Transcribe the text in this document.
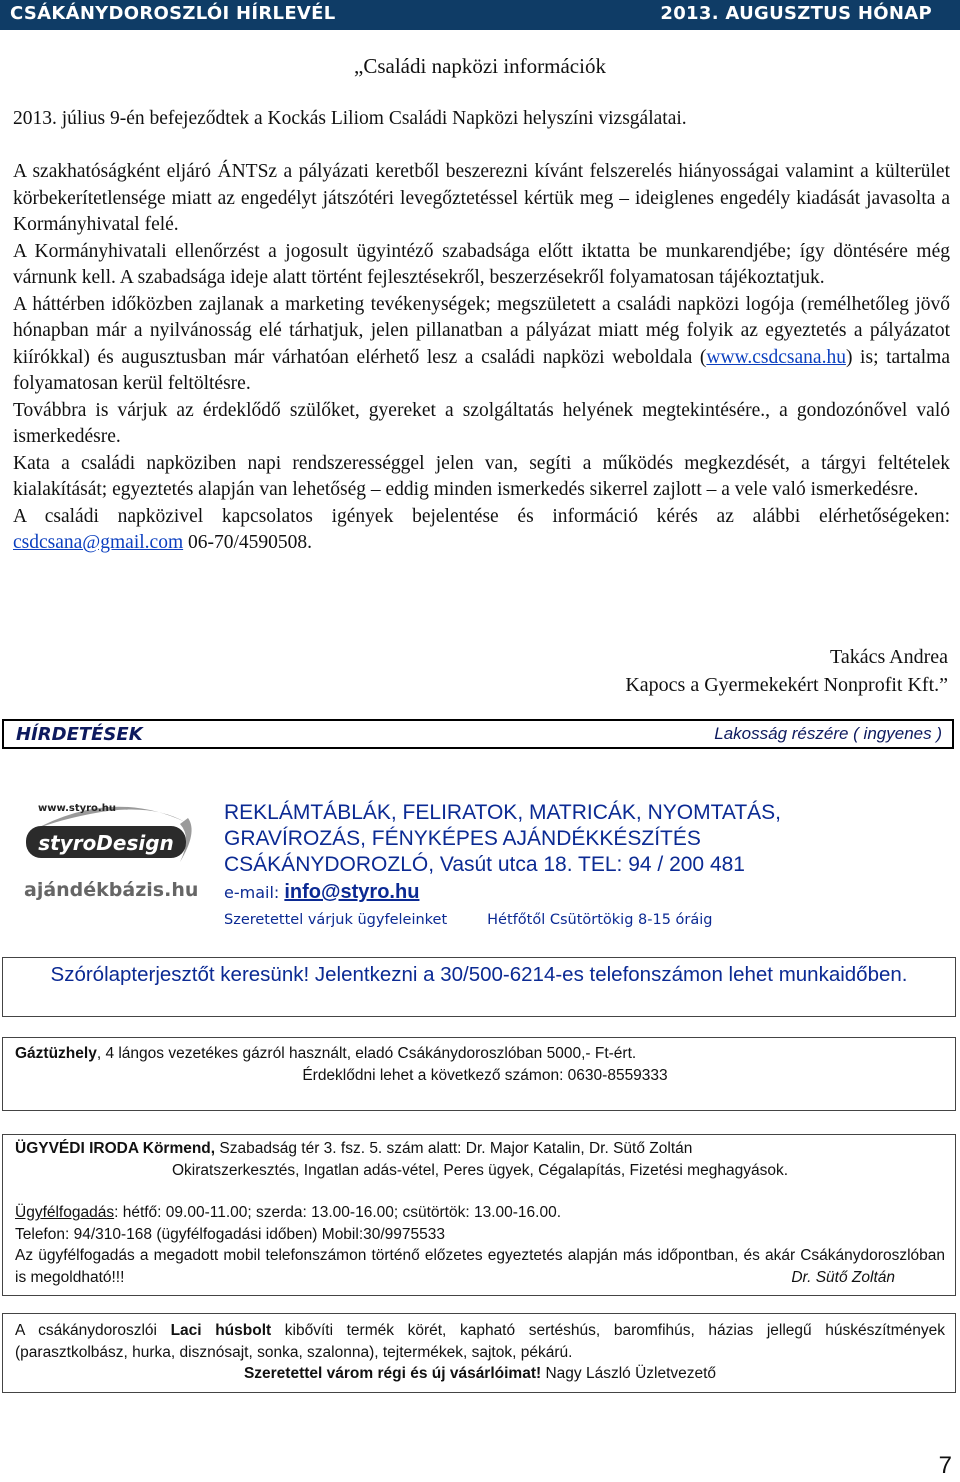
CSÁKÁNYDOROSZLÓI HÍRLEVÉL	2013. AUGUSZTUS HÓNAP
„Családi napközi információk

2013. július 9-én befejeződtek a Kockás Liliom Családi Napközi helyszíni vizsgálatai.

A szakhatóságként eljáró ÁNTSz a pályázati keretből beszerezni kívánt felszerelés hiányosságai valamint a külterület körbekerítetlensége miatt az engedélyt játszótéri levegőztetéssel kértük meg – ideiglenes engedély kiadását javasolta a Kormányhivatal felé.

A Kormányhivatali ellenőrzést a jogosult ügyintéző szabadsága előtt iktatta be munkarendjébe; így döntésére még várnunk kell. A szabadsága ideje alatt történt fejlesztésekről, beszerzésekről folyamatosan tájékoztatjuk.

A háttérben időközben zajlanak a marketing tevékenységek; megszületett a családi napközi logója (remélhetőleg jövő hónapban már a nyilvánosság elé tárhatjuk, jelen pillanatban a pályázat miatt még folyik az egyeztetés a pályázatot kiírókkal) és augusztusban már várhatóan elérhető lesz a családi napközi weboldala (www.csdcsana.hu) is; tartalma folyamatosan kerül feltöltésre.

Továbbra is várjuk az érdeklődő szülőket, gyereket a szolgáltatás helyének megtekintésére., a gondozónővel való ismerkedésre.

Kata a családi napköziben napi rendszerességgel jelen van, segíti a működés megkezdését, a tárgyi feltételek kialakítását; egyeztetés alapján van lehetőség – eddig minden ismerkedés sikerrel zajlott – a vele való ismerkedésre.

A családi napközivel kapcsolatos igények bejelentése és információ kérés az alábbi elérhetőségeken: csdcsana@gmail.com 06-70/4590508.

Takács Andrea
Kapocs a Gyermekekért Nonprofit Kft.”
HÍRDETÉSEK	Lakosság részére ( ingyenes )
www.styro.hu
styroDesign
ajándékbázis.hu
REKLÁMTÁBLÁK, FELIRATOK, MATRICÁK, NYOMTATÁS,
GRAVÍROZÁS, FÉNYKÉPES AJÁNDÉKKÉSZÍTÉS
CSÁKÁNYDOROZLÓ, Vasút utca 18. TEL: 94 / 200 481
e-mail: info@styro.hu
Szeretettel várjuk ügyfeleinket	Hétfőtől Csütörtökig 8-15 óráig

Szórólapterjesztőt keresünk! Jelentkezni a 30/500-6214-es telefonszámon lehet munkaidőben.

Gáztüzhely, 4 lángos vezetékes gázról használt, eladó Csákánydoroszlóban 5000,- Ft-ért.

Érdeklődni lehet a következő számon: 0630-8559333

ÜGYVÉDI IRODA Körmend, Szabadság tér 3. fsz. 5. szám alatt: Dr. Major Katalin, Dr. Sütő Zoltán

Okiratszerkesztés, Ingatlan adás-vétel, Peres ügyek, Cégalapítás, Fizetési meghagyások.

Ügyfélfogadás: hétfő: 09.00-11.00; szerda: 13.00-16.00; csütörtök: 13.00-16.00.

Telefon: 94/310-168 (ügyfélfogadási időben) Mobil:30/9975533

Az ügyfélfogadás a megadott mobil telefonszámon történő előzetes egyeztetés alapján más időpontban, és akár Csákánydoroszlóban is megoldható!!!	Dr. Sütő Zoltán

A csákánydoroszlói Laci húsbolt kibővíti termék körét, kapható sertéshús, baromfihús, házias jellegű húskészítmények (parasztkolbász, hurka, disznósajt, sonka, szalonna), tejtermékek, sajtok, pékárú.

Szeretettel várom régi és új vásárlóimat! Nagy László Üzletvezető

7
